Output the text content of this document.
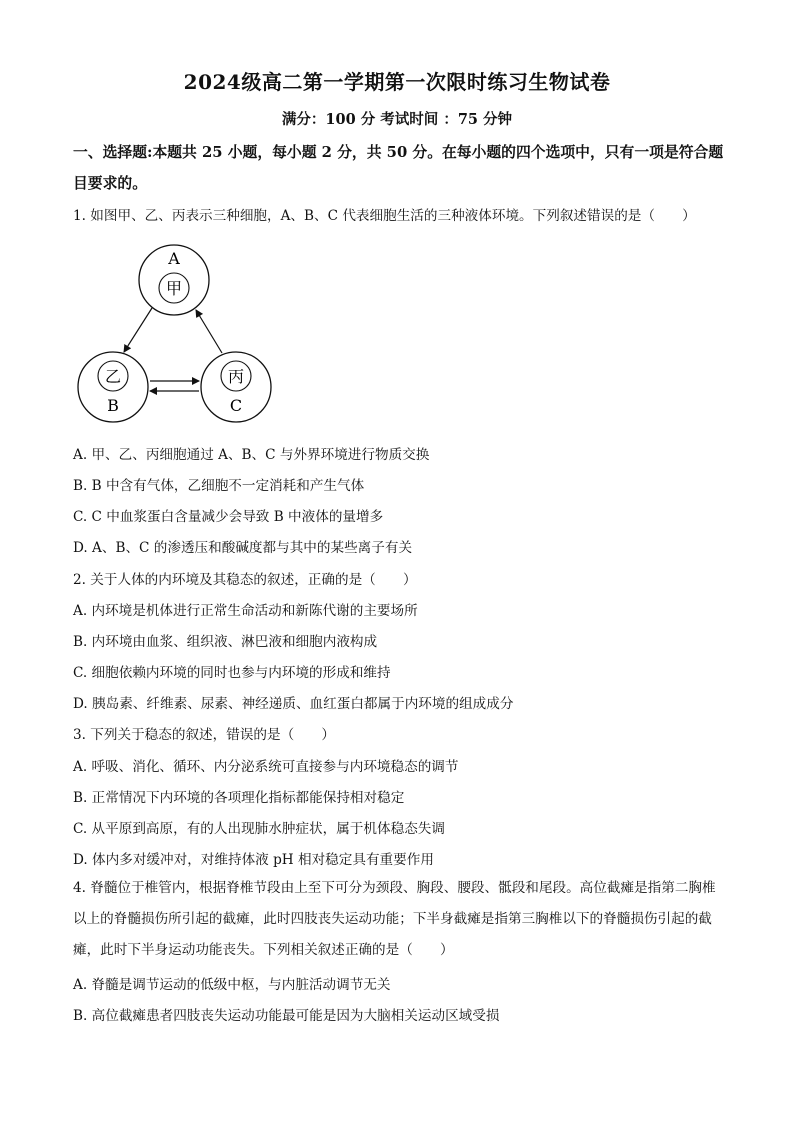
2024级高二第一学期第一次限时练习生物试卷
满分：100 分 考试时间 ：75 分钟
一、选择题:本题共 25 小题，每小题 2 分，共 50 分。在每小题的四个选项中，只有一项是符合题目要求的。
1. 如图甲、乙、丙表示三种细胞，A、B、C 代表细胞生活的三种液体环境。下列叙述错误的是（　　）
A
甲
乙
B
丙
C
A. 甲、乙、丙细胞通过 A、B、C 与外界环境进行物质交换
B. B 中含有气体，乙细胞不一定消耗和产生气体
C. C 中血浆蛋白含量减少会导致 B 中液体的量增多
D. A、B、C 的渗透压和酸碱度都与其中的某些离子有关
2. 关于人体的内环境及其稳态的叙述，正确的是（　　）
A. 内环境是机体进行正常生命活动和新陈代谢的主要场所
B. 内环境由血浆、组织液、淋巴液和细胞内液构成
C. 细胞依赖内环境的同时也参与内环境的形成和维持
D. 胰岛素、纤维素、尿素、神经递质、血红蛋白都属于内环境的组成成分
3. 下列关于稳态的叙述，错误的是（　　）
A. 呼吸、消化、循环、内分泌系统可直接参与内环境稳态的调节
B. 正常情况下内环境的各项理化指标都能保持相对稳定
C. 从平原到高原，有的人出现肺水肿症状，属于机体稳态失调
D. 体内多对缓冲对，对维持体液 pH 相对稳定具有重要作用
4. 脊髓位于椎管内，根据脊椎节段由上至下可分为颈段、胸段、腰段、骶段和尾段。高位截瘫是指第二胸椎以上的脊髓损伤所引起的截瘫，此时四肢丧失运动功能；下半身截瘫是指第三胸椎以下的脊髓损伤引起的截瘫，此时下半身运动功能丧失。下列相关叙述正确的是（　　）
A. 脊髓是调节运动的低级中枢，与内脏活动调节无关
B. 高位截瘫患者四肢丧失运动功能最可能是因为大脑相关运动区域受损
